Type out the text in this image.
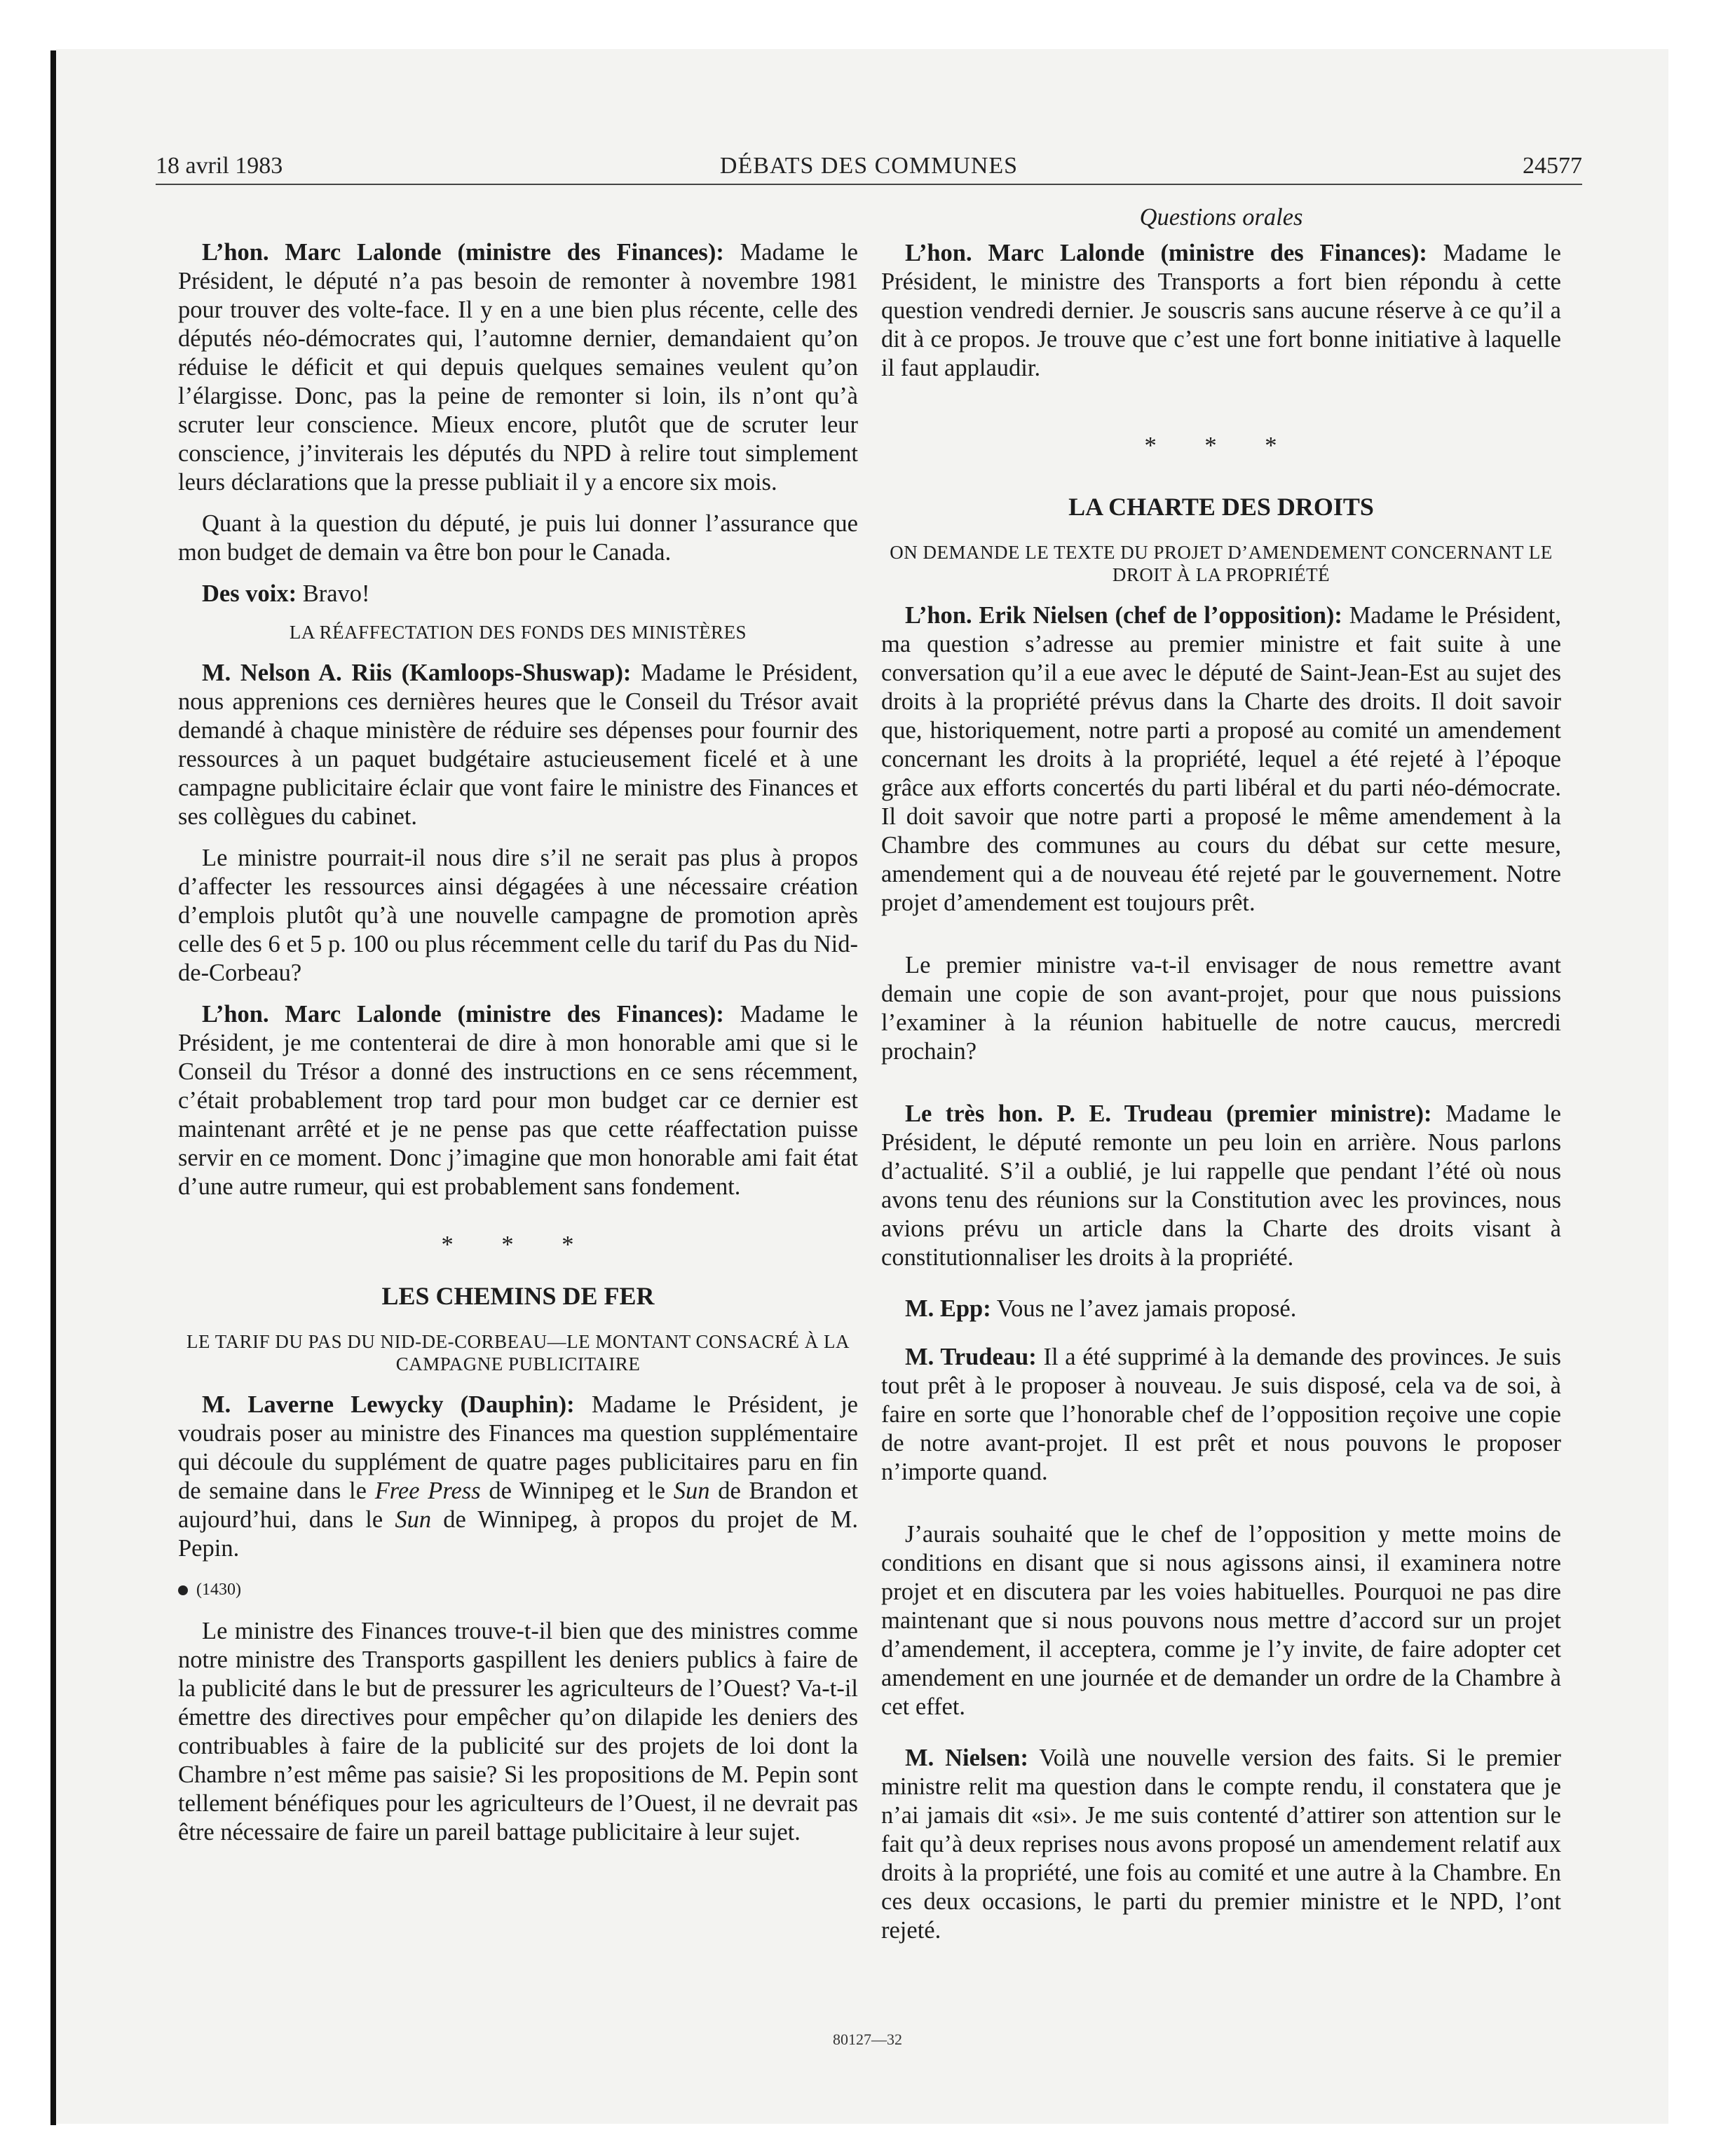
18 avril 1983	DÉBATS DES COMMUNES	24577

L’hon. Marc Lalonde (ministre des Finances): Madame le Président, le député n’a pas besoin de remonter à novembre 1981 pour trouver des volte-face. Il y en a une bien plus récente, celle des députés néo-démocrates qui, l’automne dernier, demandaient qu’on réduise le déficit et qui depuis quelques semaines veulent qu’on l’élargisse. Donc, pas la peine de remonter si loin, ils n’ont qu’à scruter leur conscience. Mieux encore, plutôt que de scruter leur conscience, j’inviterais les députés du NPD à relire tout simplement leurs déclarations que la presse publiait il y a encore six mois.

Quant à la question du député, je puis lui donner l’assurance que mon budget de demain va être bon pour le Canada.

Des voix: Bravo!

LA RÉAFFECTATION DES FONDS DES MINISTÈRES

M. Nelson A. Riis (Kamloops-Shuswap): Madame le Président, nous apprenions ces dernières heures que le Conseil du Trésor avait demandé à chaque ministère de réduire ses dépenses pour fournir des ressources à un paquet budgétaire astucieusement ficelé et à une campagne publicitaire éclair que vont faire le ministre des Finances et ses collègues du cabinet.

Le ministre pourrait-il nous dire s’il ne serait pas plus à propos d’affecter les ressources ainsi dégagées à une nécessaire création d’emplois plutôt qu’à une nouvelle campagne de promotion après celle des 6 et 5 p. 100 ou plus récemment celle du tarif du Pas du Nid-de-Corbeau?

L’hon. Marc Lalonde (ministre des Finances): Madame le Président, je me contenterai de dire à mon honorable ami que si le Conseil du Trésor a donné des instructions en ce sens récemment, c’était probablement trop tard pour mon budget car ce dernier est maintenant arrêté et je ne pense pas que cette réaffectation puisse servir en ce moment. Donc j’imagine que mon honorable ami fait état d’une autre rumeur, qui est probablement sans fondement.

* * *
LES CHEMINS DE FER
LE TARIF DU PAS DU NID-DE-CORBEAU—LE MONTANT CONSACRÉ À LA CAMPAGNE PUBLICITAIRE

M. Laverne Lewycky (Dauphin): Madame le Président, je voudrais poser au ministre des Finances ma question supplémentaire qui découle du supplément de quatre pages publicitaires paru en fin de semaine dans le Free Press de Winnipeg et le Sun de Brandon et aujourd’hui, dans le Sun de Winnipeg, à propos du projet de M. Pepin.

(1430)

Le ministre des Finances trouve-t-il bien que des ministres comme notre ministre des Transports gaspillent les deniers publics à faire de la publicité dans le but de pressurer les agriculteurs de l’Ouest? Va-t-il émettre des directives pour empêcher qu’on dilapide les deniers des contribuables à faire de la publicité sur des projets de loi dont la Chambre n’est même pas saisie? Si les propositions de M. Pepin sont tellement bénéfiques pour les agriculteurs de l’Ouest, il ne devrait pas être nécessaire de faire un pareil battage publicitaire à leur sujet.

Questions orales

L’hon. Marc Lalonde (ministre des Finances): Madame le Président, le ministre des Transports a fort bien répondu à cette question vendredi dernier. Je souscris sans aucune réserve à ce qu’il a dit à ce propos. Je trouve que c’est une fort bonne initiative à laquelle il faut applaudir.

* * *
LA CHARTE DES DROITS
ON DEMANDE LE TEXTE DU PROJET D’AMENDEMENT CONCERNANT LE DROIT À LA PROPRIÉTÉ

L’hon. Erik Nielsen (chef de l’opposition): Madame le Président, ma question s’adresse au premier ministre et fait suite à une conversation qu’il a eue avec le député de Saint-Jean-Est au sujet des droits à la propriété prévus dans la Charte des droits. Il doit savoir que, historiquement, notre parti a proposé au comité un amendement concernant les droits à la propriété, lequel a été rejeté à l’époque grâce aux efforts concertés du parti libéral et du parti néo-démocrate. Il doit savoir que notre parti a proposé le même amendement à la Chambre des communes au cours du débat sur cette mesure, amendement qui a de nouveau été rejeté par le gouvernement. Notre projet d’amendement est toujours prêt.

Le premier ministre va-t-il envisager de nous remettre avant demain une copie de son avant-projet, pour que nous puissions l’examiner à la réunion habituelle de notre caucus, mercredi prochain?

Le très hon. P. E. Trudeau (premier ministre): Madame le Président, le député remonte un peu loin en arrière. Nous parlons d’actualité. S’il a oublié, je lui rappelle que pendant l’été où nous avons tenu des réunions sur la Constitution avec les provinces, nous avions prévu un article dans la Charte des droits visant à constitutionnaliser les droits à la propriété.

M. Epp: Vous ne l’avez jamais proposé.

M. Trudeau: Il a été supprimé à la demande des provinces. Je suis tout prêt à le proposer à nouveau. Je suis disposé, cela va de soi, à faire en sorte que l’honorable chef de l’opposition reçoive une copie de notre avant-projet. Il est prêt et nous pouvons le proposer n’importe quand.

J’aurais souhaité que le chef de l’opposition y mette moins de conditions en disant que si nous agissons ainsi, il examinera notre projet et en discutera par les voies habituelles. Pourquoi ne pas dire maintenant que si nous pouvons nous mettre d’accord sur un projet d’amendement, il acceptera, comme je l’y invite, de faire adopter cet amendement en une journée et de demander un ordre de la Chambre à cet effet.

M. Nielsen: Voilà une nouvelle version des faits. Si le premier ministre relit ma question dans le compte rendu, il constatera que je n’ai jamais dit «si». Je me suis contenté d’attirer son attention sur le fait qu’à deux reprises nous avons proposé un amendement relatif aux droits à la propriété, une fois au comité et une autre à la Chambre. En ces deux occasions, le parti du premier ministre et le NPD, l’ont rejeté.

80127—32
